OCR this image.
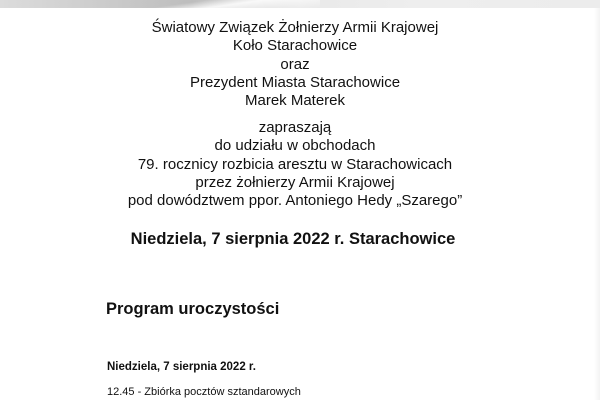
Światowy Związek Żołnierzy Armii Krajowej
Koło Starachowice
oraz
Prezydent Miasta Starachowice
Marek Materek
zapraszają
do udziału w obchodach
79. rocznicy rozbicia aresztu w Starachowicach
przez żołnierzy Armii Krajowej
pod dowództwem ppor. Antoniego Hedy „Szarego”
Niedziela, 7 sierpnia 2022 r. Starachowice
Program uroczystości
Niedziela, 7 sierpnia 2022 r.
12.45 - Zbiórka pocztów sztandarowych
